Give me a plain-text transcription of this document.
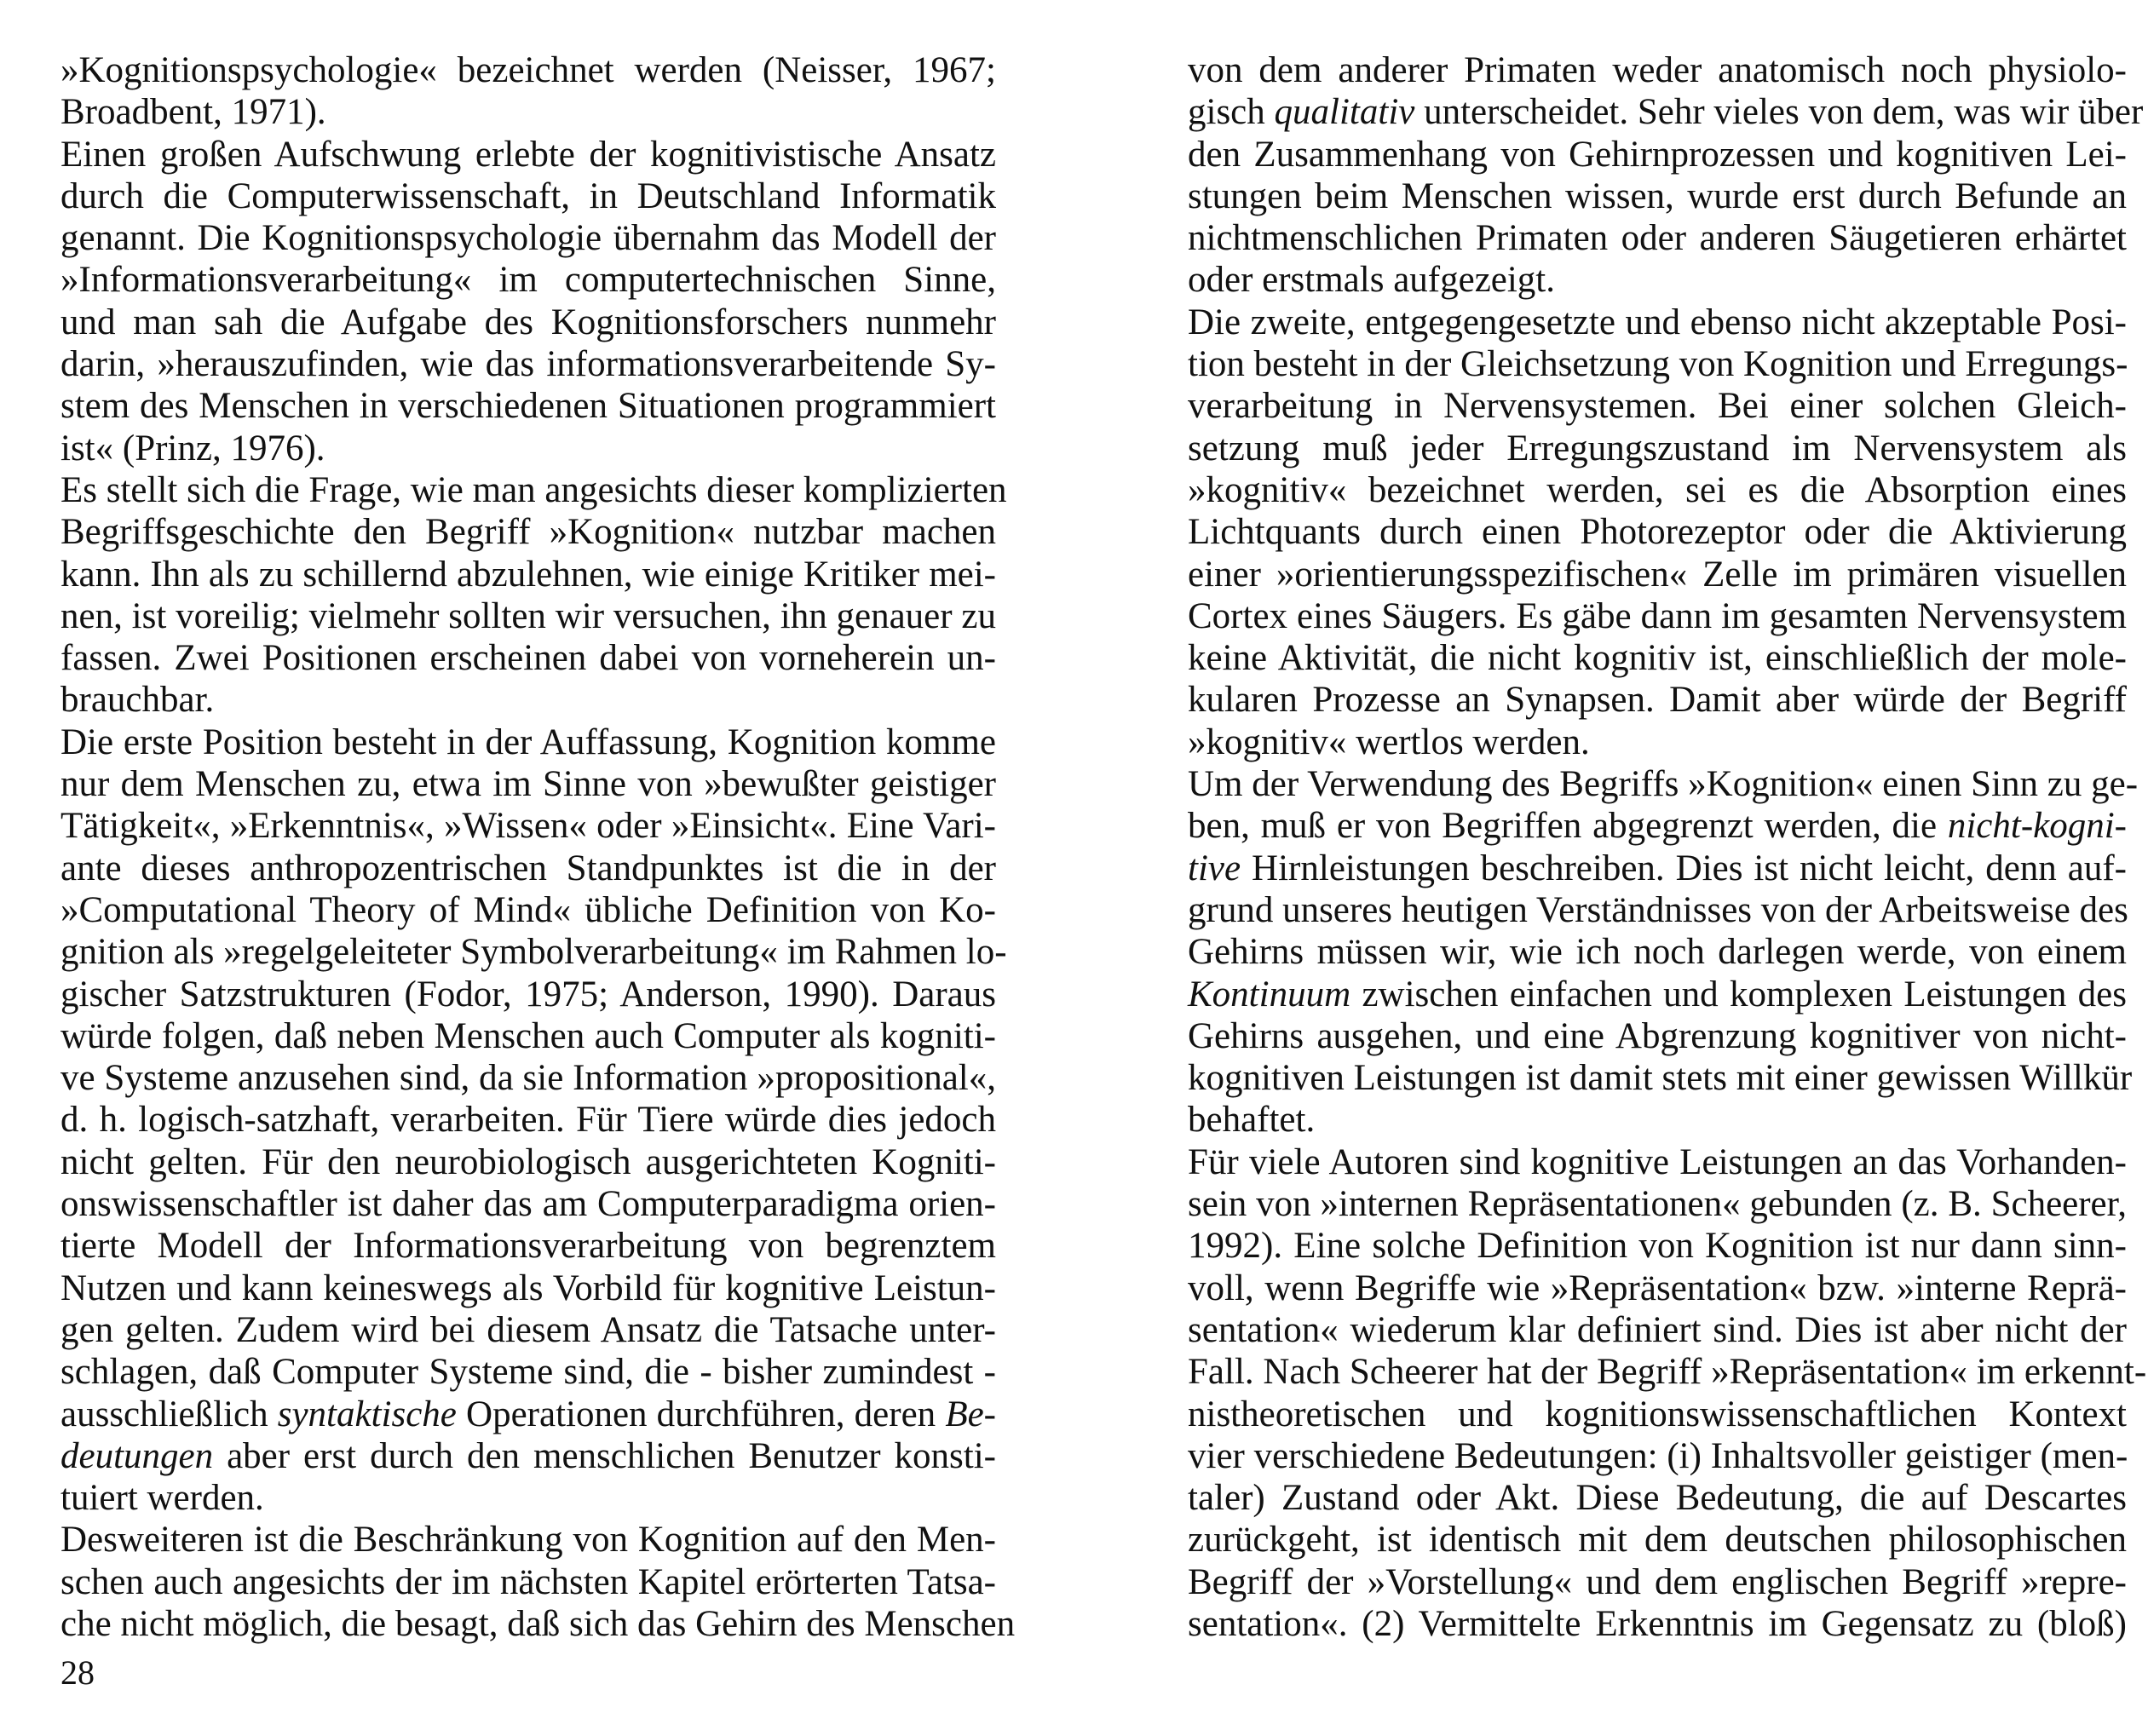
»Kognitionspsychologie« bezeichnet werden (Neisser, 1967;
Broadbent, 1971).
Einen großen Aufschwung erlebte der kognitivistische Ansatz
durch die Computerwissenschaft, in Deutschland Informatik
genannt. Die Kognitionspsychologie übernahm das Modell der
»Informationsverarbeitung« im computertechnischen Sinne,
und man sah die Aufgabe des Kognitionsforschers nunmehr
darin, »herauszufinden, wie das informationsverarbeitende Sy-
stem des Menschen in verschiedenen Situationen programmiert
ist« (Prinz, 1976).
Es stellt sich die Frage, wie man angesichts dieser komplizierten
Begriffsgeschichte den Begriff »Kognition« nutzbar machen
kann. Ihn als zu schillernd abzulehnen, wie einige Kritiker mei-
nen, ist voreilig; vielmehr sollten wir versuchen, ihn genauer zu
fassen. Zwei Positionen erscheinen dabei von vorneherein un-
brauchbar.
Die erste Position besteht in der Auffassung, Kognition komme
nur dem Menschen zu, etwa im Sinne von »bewußter geistiger
Tätigkeit«, »Erkenntnis«, »Wissen« oder »Einsicht«. Eine Vari-
ante dieses anthropozentrischen Standpunktes ist die in der
»Computational Theory of Mind« übliche Definition von Ko-
gnition als »regelgeleiteter Symbolverarbeitung« im Rahmen lo-
gischer Satzstrukturen (Fodor, 1975; Anderson, 1990). Daraus
würde folgen, daß neben Menschen auch Computer als kogniti-
ve Systeme anzusehen sind, da sie Information »propositional«,
d. h. logisch-satzhaft, verarbeiten. Für Tiere würde dies jedoch
nicht gelten. Für den neurobiologisch ausgerichteten Kogniti-
onswissenschaftler ist daher das am Computerparadigma orien-
tierte Modell der Informationsverarbeitung von begrenztem
Nutzen und kann keineswegs als Vorbild für kognitive Leistun-
gen gelten. Zudem wird bei diesem Ansatz die Tatsache unter-
schlagen, daß Computer Systeme sind, die - bisher zumindest -
ausschließlich syntaktische Operationen durchführen, deren Be-
deutungen aber erst durch den menschlichen Benutzer konsti-
tuiert werden.
Desweiteren ist die Beschränkung von Kognition auf den Men-
schen auch angesichts der im nächsten Kapitel erörterten Tatsa-
che nicht möglich, die besagt, daß sich das Gehirn des Menschen
28
von dem anderer Primaten weder anatomisch noch physiolo-
gisch qualitativ unterscheidet. Sehr vieles von dem, was wir über
den Zusammenhang von Gehirnprozessen und kognitiven Lei-
stungen beim Menschen wissen, wurde erst durch Befunde an
nichtmenschlichen Primaten oder anderen Säugetieren erhärtet
oder erstmals aufgezeigt.
Die zweite, entgegengesetzte und ebenso nicht akzeptable Posi-
tion besteht in der Gleichsetzung von Kognition und Erregungs-
verarbeitung in Nervensystemen. Bei einer solchen Gleich-
setzung muß jeder Erregungszustand im Nervensystem als
»kognitiv« bezeichnet werden, sei es die Absorption eines
Lichtquants durch einen Photorezeptor oder die Aktivierung
einer »orientierungsspezifischen« Zelle im primären visuellen
Cortex eines Säugers. Es gäbe dann im gesamten Nervensystem
keine Aktivität, die nicht kognitiv ist, einschließlich der mole-
kularen Prozesse an Synapsen. Damit aber würde der Begriff
»kognitiv« wertlos werden.
Um der Verwendung des Begriffs »Kognition« einen Sinn zu ge-
ben, muß er von Begriffen abgegrenzt werden, die nicht-kogni-
tive Hirnleistungen beschreiben. Dies ist nicht leicht, denn auf-
grund unseres heutigen Verständnisses von der Arbeitsweise des
Gehirns müssen wir, wie ich noch darlegen werde, von einem
Kontinuum zwischen einfachen und komplexen Leistungen des
Gehirns ausgehen, und eine Abgrenzung kognitiver von nicht-
kognitiven Leistungen ist damit stets mit einer gewissen Willkür
behaftet.
Für viele Autoren sind kognitive Leistungen an das Vorhanden-
sein von »internen Repräsentationen« gebunden (z. B. Scheerer,
1992). Eine solche Definition von Kognition ist nur dann sinn-
voll, wenn Begriffe wie »Repräsentation« bzw. »interne Reprä-
sentation« wiederum klar definiert sind. Dies ist aber nicht der
Fall. Nach Scheerer hat der Begriff »Repräsentation« im erkennt-
nistheoretischen und kognitionswissenschaftlichen Kontext
vier verschiedene Bedeutungen: (i) Inhaltsvoller geistiger (men-
taler) Zustand oder Akt. Diese Bedeutung, die auf Descartes
zurückgeht, ist identisch mit dem deutschen philosophischen
Begriff der »Vorstellung« und dem englischen Begriff »repre-
sentation«. (2) Vermittelte Erkenntnis im Gegensatz zu (bloß)
